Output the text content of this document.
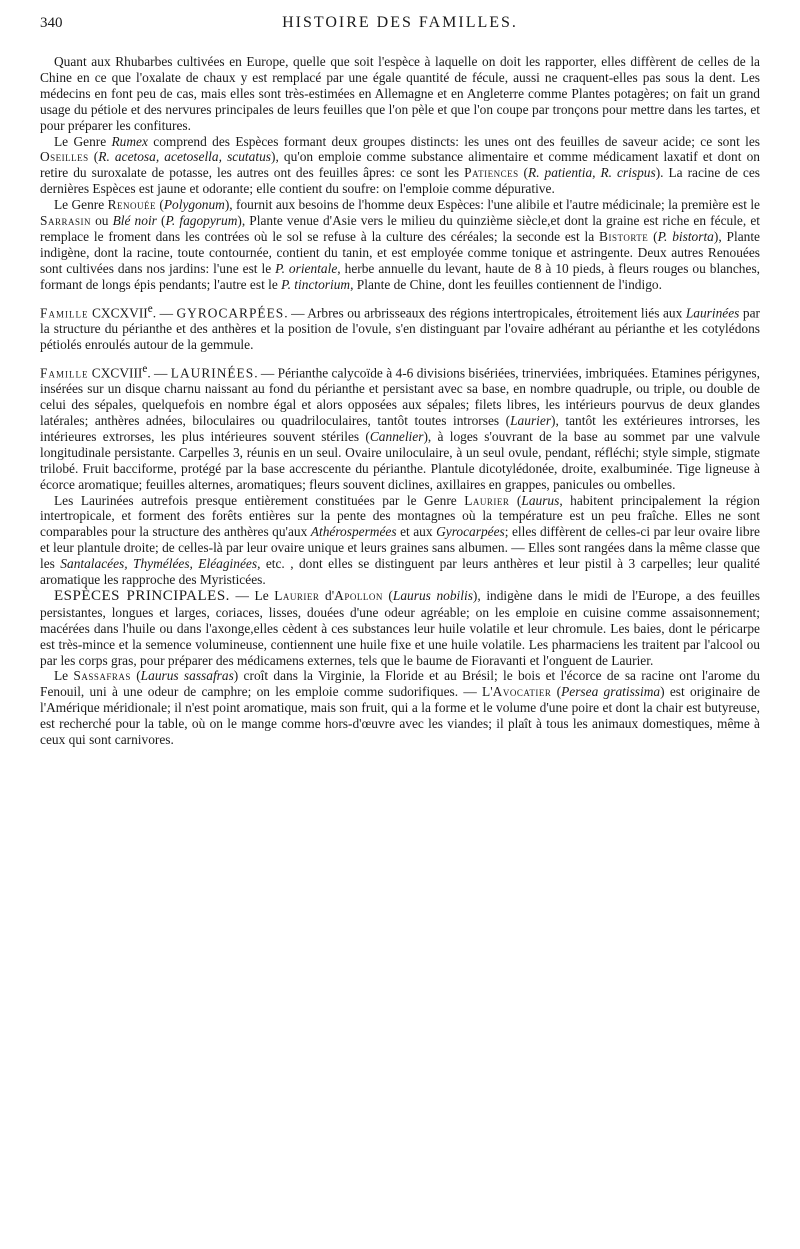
340	HISTOIRE DES FAMILLES.

Quant aux Rhubarbes cultivées en Europe, quelle que soit l'espèce à laquelle on doit les rapporter, elles diffèrent de celles de la Chine en ce que l'oxalate de chaux y est remplacé par une égale quantité de fécule, aussi ne craquent-elles pas sous la dent. Les médecins en font peu de cas, mais elles sont très-estimées en Allemagne et en Angleterre comme Plantes potagères; on fait un grand usage du pétiole et des nervures principales de leurs feuilles que l'on pèle et que l'on coupe par tronçons pour mettre dans les tartes, et pour préparer les confitures.

Le Genre Rumex comprend des Espèces formant deux groupes distincts: les unes ont des feuilles de saveur acide; ce sont les Oseilles (R. acetosa, acetosella, scutatus), qu'on emploie comme substance alimentaire et comme médicament laxatif et dont on retire du suroxalate de potasse, les autres ont des feuilles âpres: ce sont les Patiences (R. patientia, R. crispus). La racine de ces dernières Espèces est jaune et odorante; elle contient du soufre: on l'emploie comme dépurative.

Le Genre Renouée (Polygonum), fournit aux besoins de l'homme deux Espèces: l'une alibile et l'autre médicinale; la première est le Sarrasin ou Blé noir (P. fagopyrum), Plante venue d'Asie vers le milieu du quinzième siècle,et dont la graine est riche en fécule, et remplace le froment dans les contrées où le sol se refuse à la culture des céréales; la seconde est la Bistorte (P. bistorta), Plante indigène, dont la racine, toute contournée, contient du tanin, et est employée comme tonique et astringente. Deux autres Renouées sont cultivées dans nos jardins: l'une est le P. orientale, herbe annuelle du levant, haute de 8 à 10 pieds, à fleurs rouges ou blanches, formant de longs épis pendants; l'autre est le P. tinctorium, Plante de Chine, dont les feuilles contiennent de l'indigo.

Famille CXCXVIIe. — GYROCARPÉES. — Arbres ou arbrisseaux des régions intertropicales, étroitement liés aux Laurinées par la structure du périanthe et des anthères et la position de l'ovule, s'en distinguant par l'ovaire adhérant au périanthe et les cotylédons pétiolés enroulés autour de la gemmule.

Famille CXCVIIIe. — LAURINÉES. — Périanthe calycoïde à 4-6 divisions bisériées, trinerviées, imbriquées. Etamines périgynes, insérées sur un disque charnu naissant au fond du périanthe et persistant avec sa base, en nombre quadruple, ou triple, ou double de celui des sépales, quelquefois en nombre égal et alors opposées aux sépales; filets libres, les intérieurs pourvus de deux glandes latérales; anthères adnées, biloculaires ou quadriloculaires, tantôt toutes introrses (Laurier), tantôt les extérieures introrses, les intérieures extrorses, les plus intérieures souvent stériles (Cannelier), à loges s'ouvrant de la base au sommet par une valvule longitudinale persistante. Carpelles 3, réunis en un seul. Ovaire uniloculaire, à un seul ovule, pendant, réfléchi; style simple, stigmate trilobé. Fruit bacciforme, protégé par la base accrescente du périanthe. Plantule dicotylédonée, droite, exalbuminée. Tige ligneuse à écorce aromatique; feuilles alternes, aromatiques; fleurs souvent diclines, axillaires en grappes, panicules ou ombelles.

Les Laurinées autrefois presque entièrement constituées par le Genre Laurier (Laurus, habitent principalement la région intertropicale, et forment des forêts entières sur la pente des montagnes où la température est un peu fraîche. Elles ne sont comparables pour la structure des anthères qu'aux Athérospermées et aux Gyrocarpées; elles diffèrent de celles-ci par leur ovaire libre et leur plantule droite; de celles-là par leur ovaire unique et leurs graines sans albumen. — Elles sont rangées dans la même classe que les Santalacées, Thymélées, Eléaginées, etc. , dont elles se distinguent par leurs anthères et leur pistil à 3 carpelles; leur qualité aromatique les rapproche des Myristicées.

ESPÈCES PRINCIPALES. — Le Laurier d'Apollon (Laurus nobilis), indigène dans le midi de l'Europe, a des feuilles persistantes, longues et larges, coriaces, lisses, douées d'une odeur agréable; on les emploie en cuisine comme assaisonnement; macérées dans l'huile ou dans l'axonge,elles cèdent à ces substances leur huile volatile et leur chromule. Les baies, dont le péricarpe est très-mince et la semence volumineuse, contiennent une huile fixe et une huile volatile. Les pharmaciens les traitent par l'alcool ou par les corps gras, pour préparer des médicamens externes, tels que le baume de Fioravanti et l'onguent de Laurier.

Le Sassafras (Laurus sassafras) croît dans la Virginie, la Floride et au Brésil; le bois et l'écorce de sa racine ont l'arome du Fenouil, uni à une odeur de camphre; on les emploie comme sudorifiques. — L'Avocatier (Persea gratissima) est originaire de l'Amérique méridionale; il n'est point aromatique, mais son fruit, qui a la forme et le volume d'une poire et dont la chair est butyreuse, est recherché pour la table, où on le mange comme hors-d'œuvre avec les viandes; il plaît à tous les animaux domestiques, même à ceux qui sont carnivores.
